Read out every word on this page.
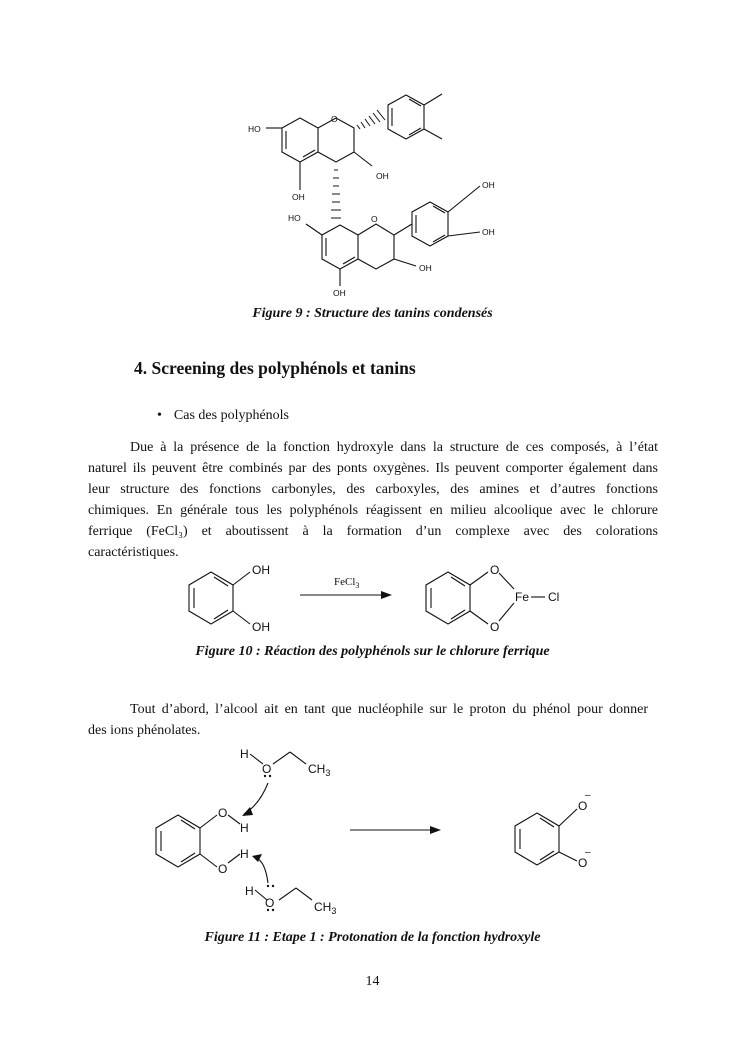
HO
O
OH
OH
HO	O
OH
OH
OH
OH
Figure 9 : Structure des tanins condensés
4. Screening des polyphénols et tanins
• Cas des polyphénols
Due à la présence de la fonction hydroxyle dans la structure de ces composés, à l’état
naturel ils peuvent être combinés par des ponts oxygènes. Ils peuvent comporter également dans
leur structure des fonctions carbonyles, des carboxyles, des amines et d’autres fonctions
chimiques. En générale tous les polyphénols réagissent en milieu alcoolique avec le chlorure
ferrique (FeCl₃) et aboutissent à la formation d’un complexe avec des colorations
caractéristiques.
OH
OH
FeCl$_3$
O
O
Fe Cl
Figure 10 : Réaction des polyphénols sur le chlorure ferrique
Tout d’abord, l’alcool ait en tant que nucléophile sur le proton du phénol pour donner
des ions phénolates.
H
O	$CH_3$
O
H
H
O
H
O	$CH_3$
O
–
O
–
Figure 11 : Etape 1 : Protonation de la fonction hydroxyle
14
